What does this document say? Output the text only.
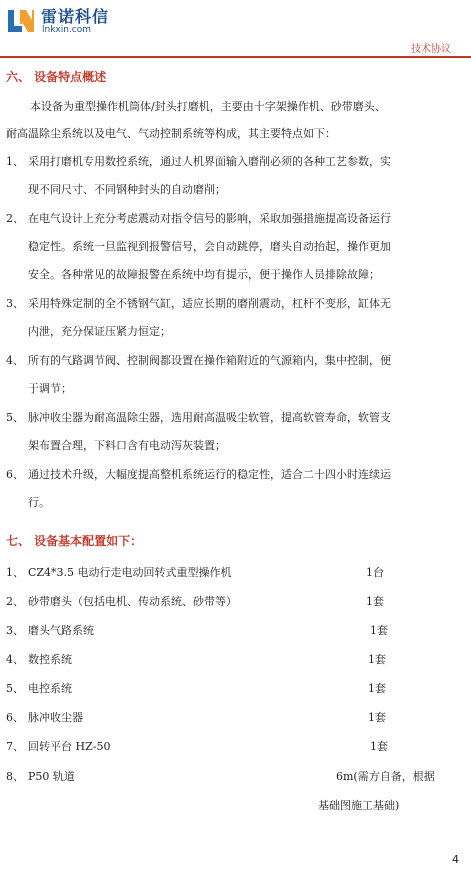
雷诺科信
lnkxin.com
技术协议
六、 设备特点概述
本设备为重型操作机筒体/封头打磨机，主要由十字架操作机、砂带磨头、
耐高温除尘系统以及电气、气动控制系统等构成，其主要特点如下：
1、 采用打磨机专用数控系统，通过人机界面输入磨削必须的各种工艺参数，实
现不同尺寸、不同钢种封头的自动磨削；
2、 在电气设计上充分考虑震动对指令信号的影响，采取加强措施提高设备运行
稳定性。系统一旦监视到报警信号，会自动跳停，磨头自动抬起，操作更加
安全。各种常见的故障报警在系统中均有提示，便于操作人员排除故障；
3、 采用特殊定制的全不锈钢气缸，适应长期的磨削震动，杠杆不变形，缸体无
内泄，充分保证压紧力恒定；
4、 所有的气路调节阀、控制阀都设置在操作箱附近的气源箱内，集中控制，便
于调节；
5、 脉冲收尘器为耐高温除尘器，选用耐高温吸尘软管，提高软管寿命，软管支
架布置合理，下料口含有电动泻灰装置；
6、 通过技术升级，大幅度提高整机系统运行的稳定性，适合二十四小时连续运
行。
七、 设备基本配置如下：
1、 CZ4*3.5 电动行走电动回转式重型操作机	1台
2、 砂带磨头（包括电机、传动系统、砂带等）	1套
3、 磨头气路系统	1套
4、 数控系统	1套
5、 电控系统	1套
6、 脉冲收尘器	1套
7、 回转平台 HZ-50	1套
8、 P50 轨道	6m(需方自备，根据
基础图施工基础)
4
